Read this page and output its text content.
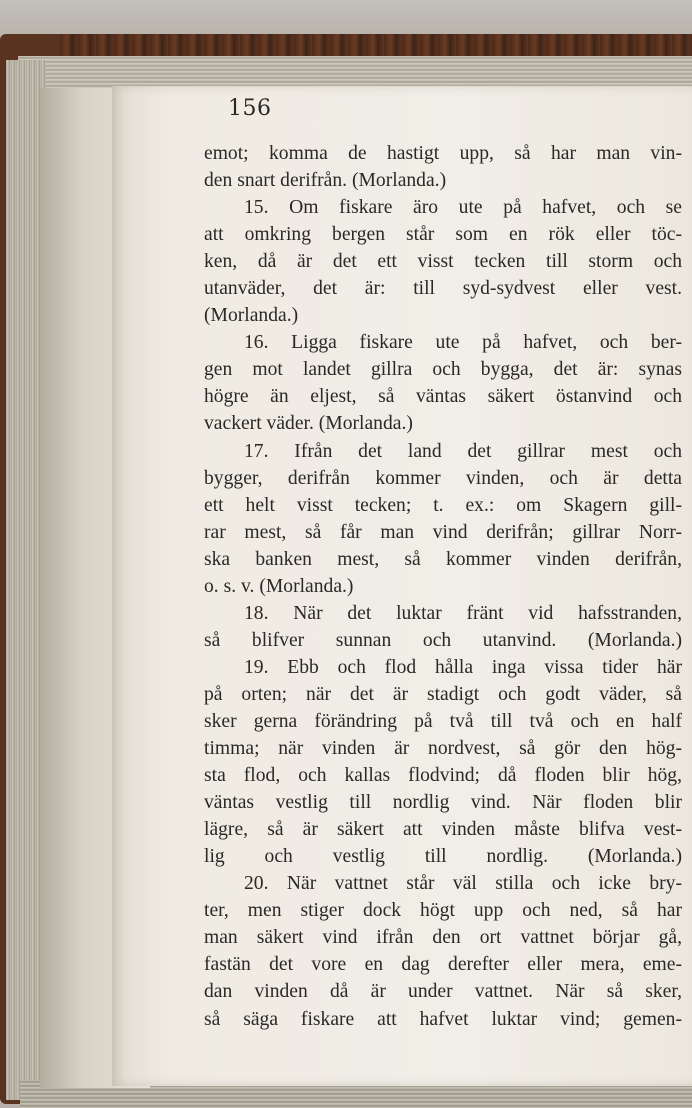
156
emot; komma de hastigt upp, så har man vin-
den snart derifrån. (Morlanda.)
15. Om fiskare äro ute på hafvet, och se
att omkring bergen står som en rök eller töc-
ken, då är det ett visst tecken till storm och
utanväder, det är: till syd-sydvest eller vest.
(Morlanda.)
16. Ligga fiskare ute på hafvet, och ber-
gen mot landet gillra och bygga, det är: synas
högre än eljest, så väntas säkert östanvind och
vackert väder. (Morlanda.)
17. Ifrån det land det gillrar mest och
bygger, derifrån kommer vinden, och är detta
ett helt visst tecken; t. ex.: om Skagern gill-
rar mest, så får man vind derifrån; gillrar Norr-
ska banken mest, så kommer vinden derifrån,
o. s. v. (Morlanda.)
18. När det luktar fränt vid hafsstranden,
så blifver sunnan och utanvind. (Morlanda.)
19. Ebb och flod hålla inga vissa tider här
på orten; när det är stadigt och godt väder, så
sker gerna förändring på två till två och en half
timma; när vinden är nordvest, så gör den hög-
sta flod, och kallas flodvind; då floden blir hög,
väntas vestlig till nordlig vind. När floden blir
lägre, så är säkert att vinden måste blifva vest-
lig och vestlig till nordlig. (Morlanda.)
20. När vattnet står väl stilla och icke bry-
ter, men stiger dock högt upp och ned, så har
man säkert vind ifrån den ort vattnet börjar gå,
fastän det vore en dag derefter eller mera, eme-
dan vinden då är under vattnet. När så sker,
så säga fiskare att hafvet luktar vind; gemen-
